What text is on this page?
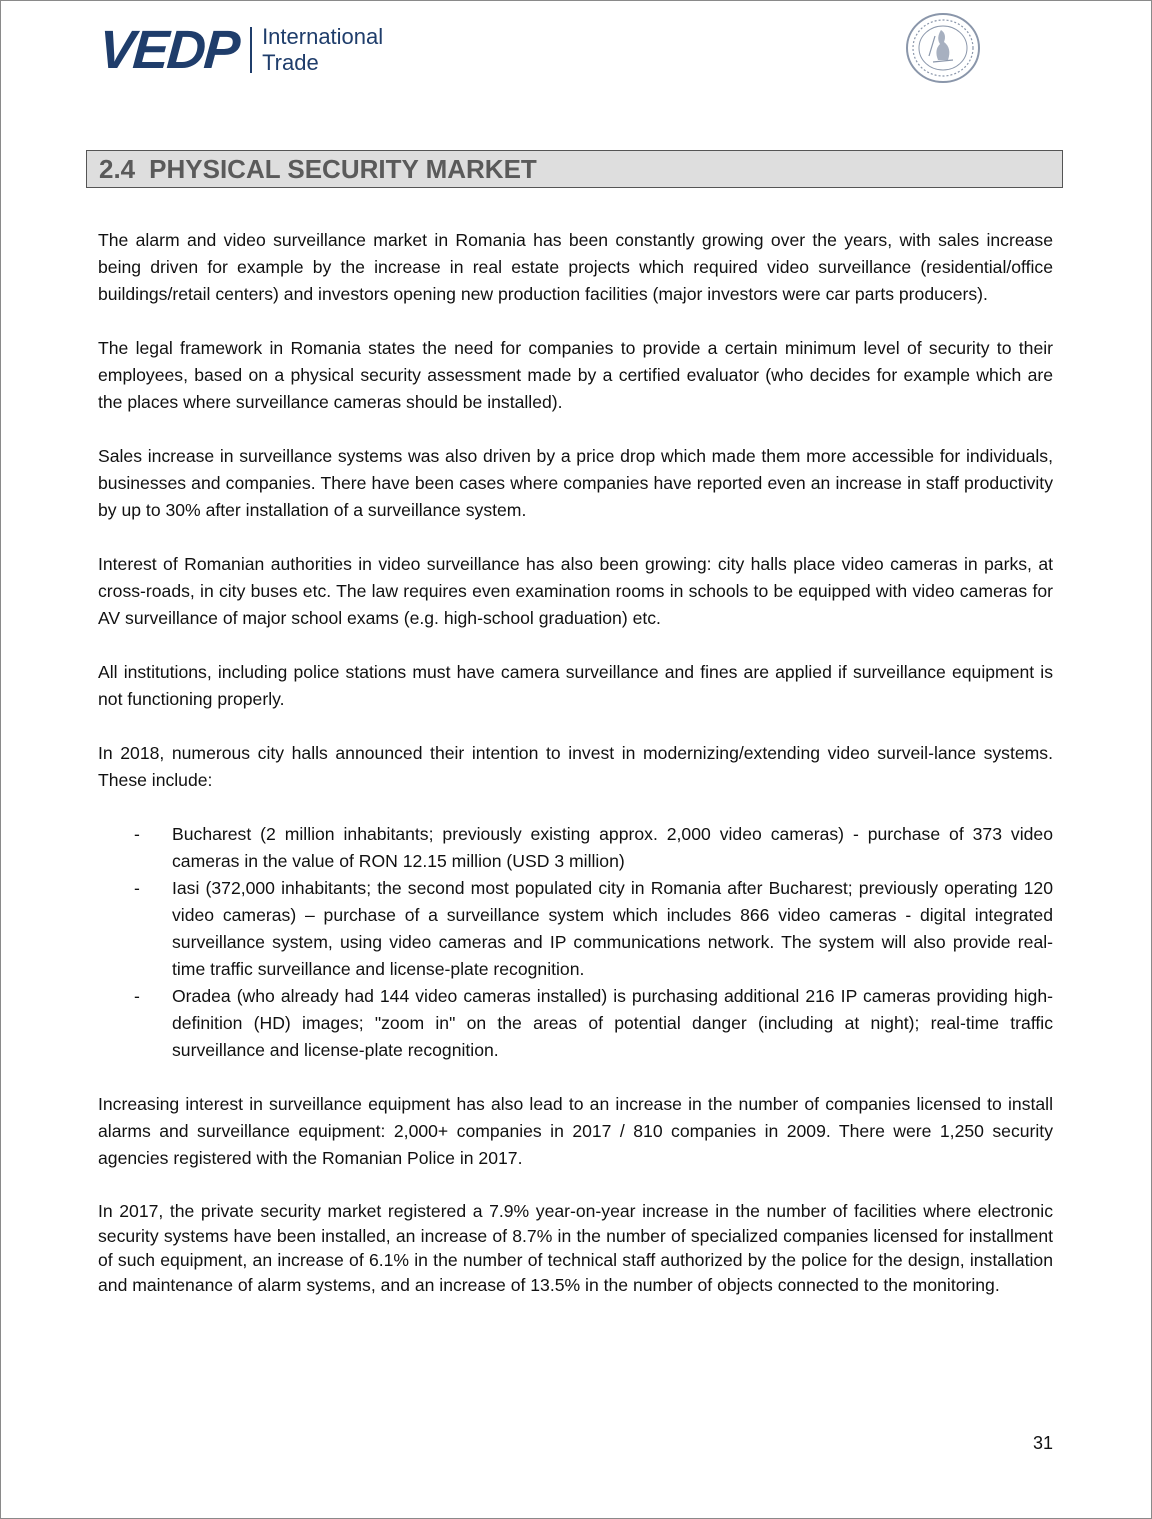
VEDP International
Trade
2.4 PHYSICAL SECURITY MARKET

The alarm and video surveillance market in Romania has been constantly growing over the years, with sales increase being driven for example by the increase in real estate projects which required video surveillance (residential/office buildings/retail centers) and investors opening new production facilities (major investors were car parts producers).

The legal framework in Romania states the need for companies to provide a certain minimum level of security to their employees, based on a physical security assessment made by a certified evaluator (who decides for example which are the places where surveillance cameras should be installed).

Sales increase in surveillance systems was also driven by a price drop which made them more accessible for individuals, businesses and companies. There have been cases where companies have reported even an increase in staff productivity by up to 30% after installation of a surveillance system.

Interest of Romanian authorities in video surveillance has also been growing: city halls place video cameras in parks, at cross-roads, in city buses etc. The law requires even examination rooms in schools to be equipped with video cameras for AV surveillance of major school exams (e.g. high-school graduation) etc.

All institutions, including police stations must have camera surveillance and fines are applied if surveillance equipment is not functioning properly.

In 2018, numerous city halls announced their intention to invest in modernizing/extending video surveil-lance systems. These include:

- Bucharest (2 million inhabitants; previously existing approx. 2,000 video cameras) - purchase of 373 video cameras in the value of RON 12.15 million (USD 3 million)
- Iasi (372,000 inhabitants; the second most populated city in Romania after Bucharest; previously operating 120 video cameras) – purchase of a surveillance system which includes 866 video cameras - digital integrated surveillance system, using video cameras and IP communications network. The system will also provide real-time traffic surveillance and license-plate recognition.
- Oradea (who already had 144 video cameras installed) is purchasing additional 216 IP cameras providing high-definition (HD) images; "zoom in" on the areas of potential danger (including at night); real-time traffic surveillance and license-plate recognition.

Increasing interest in surveillance equipment has also lead to an increase in the number of companies licensed to install alarms and surveillance equipment: 2,000+ companies in 2017 / 810 companies in 2009. There were 1,250 security agencies registered with the Romanian Police in 2017.

In 2017, the private security market registered a 7.9% year-on-year increase in the number of facilities where electronic security systems have been installed, an increase of 8.7% in the number of specialized companies licensed for installment of such equipment, an increase of 6.1% in the number of technical staff authorized by the police for the design, installation and maintenance of alarm systems, and an increase of 13.5% in the number of objects connected to the monitoring.

31
